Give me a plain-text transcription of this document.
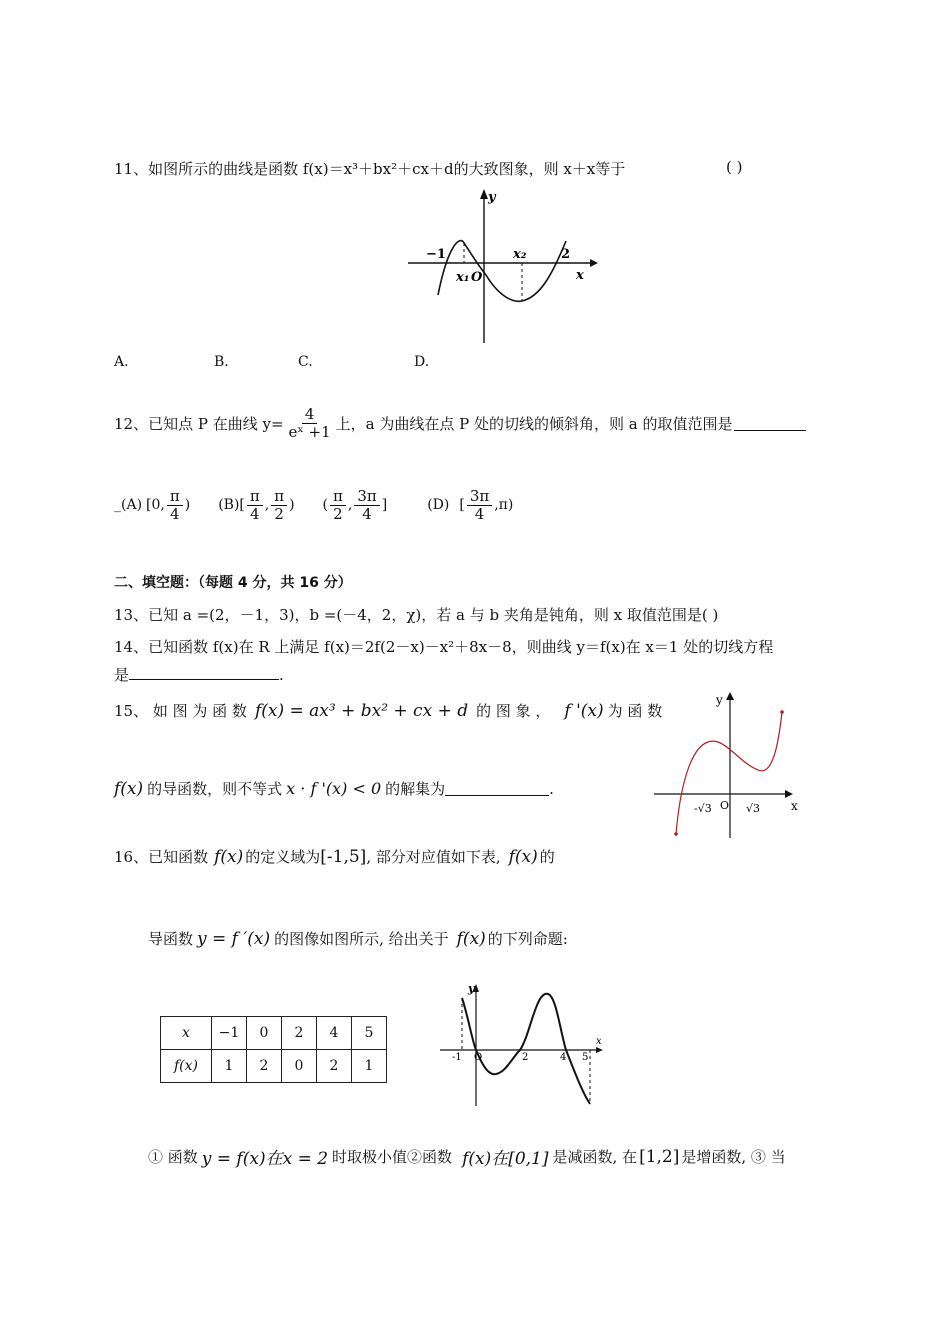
11、如图所示的曲线是函数 f(x)＝x³＋bx²＋cx＋d的大致图象，则 x＋x等于	( )
y
x
−1
x₁ O
x₂	2
A.	B.	C.	D.
12、已知点 P 在曲线 $y= \frac{4}{\text{eˣ +1}}$ 上，a 为曲线在点 P 处的切线的倾斜角，则 a 的取值范围是
_ (A) [0, $\frac{\pi}{4}$ ) (B) [ $\frac{\pi}{4}$ , $\frac{\pi}{2}$ ) ( $\frac{\pi}{2}$ , $\frac{3\pi}{4}$ ]	(D) [ $\frac{3\pi}{4} ,\pi$)
二、填空题：（每题 4 分，共 16 分）
13、已知 a =(2，－1，3)，b =(－4，2，χ)，若 a 与 b 夹角是钝角，则 x 取值范围是( )
14、已知函数 f(x)在 R 上满足 f(x)＝2f(2－x)－x²＋8x－8，则曲线 y＝f(x)在 x＝1 处的切线方程
是	.
15、 如 图 为 函 数 f(x) = ax³ + bx² + cx + d 的 图 象 ， f '(x) 为 函 数
f(x) 的导函数，则不等式 x · f '(x) < 0 的解集为	.
y
x
O
-√3	√3
16、已知函数 f(x) 的定义域为 [-1,5] , 部分对应值如下表, f(x) 的
导函数 y = f ′(x) 的图像如图所示, 给出关于 f(x) 的下列命题:
x	−1	0	2	4	5
f(x)	1	2	0	2	1
y
x
-1 O	2	4 5
① 函数 y = f(x)在x = 2 时取极小值②函数 f(x)在[0,1] 是减函数, 在 [1,2] 是增函数, ③ 当
